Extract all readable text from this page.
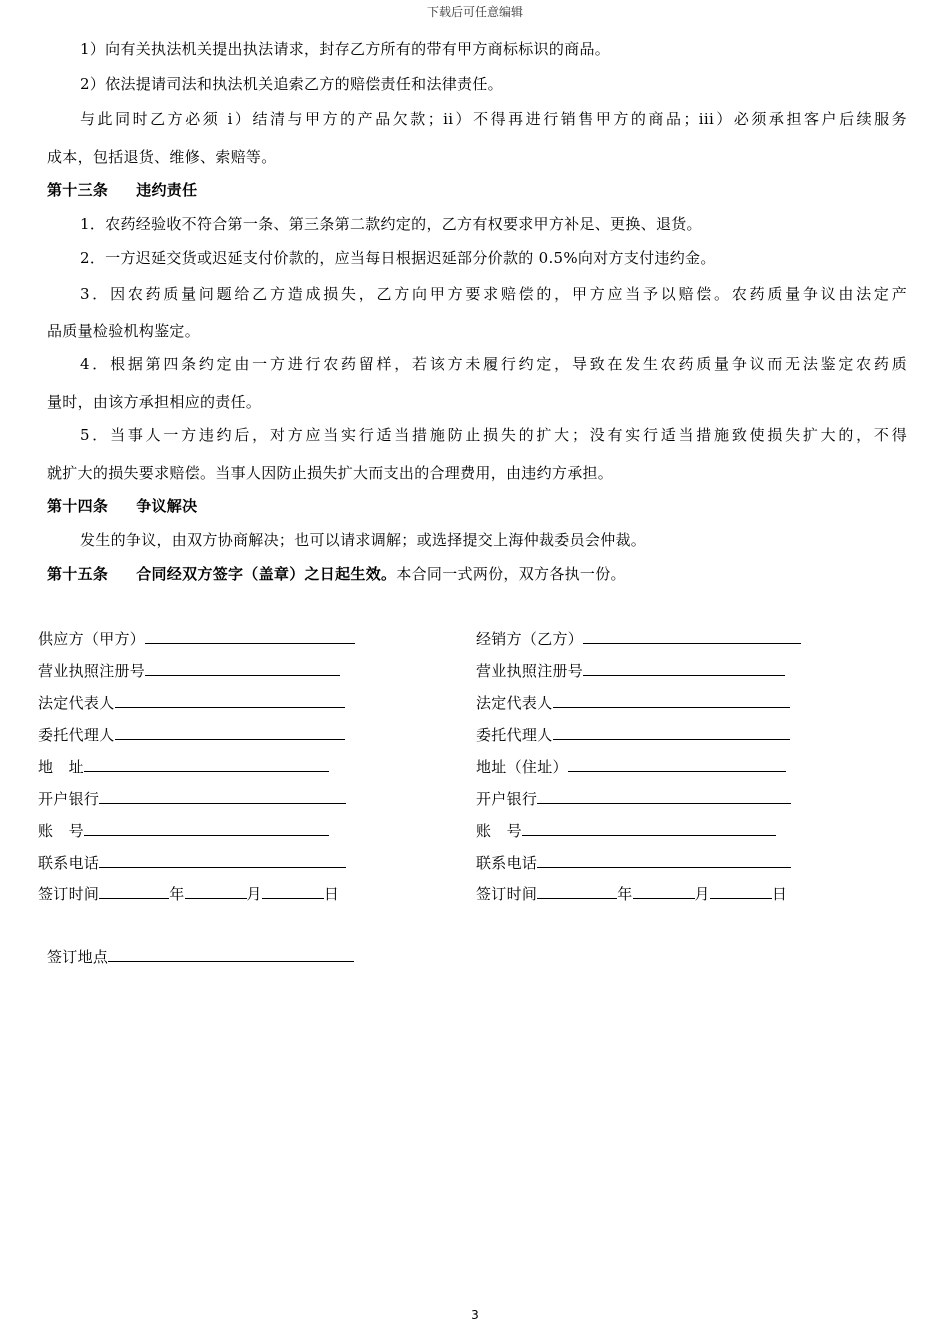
下载后可任意编辑
1）向有关执法机关提出执法请求，封存乙方所有的带有甲方商标标识的商品。
2）依法提请司法和执法机关追索乙方的赔偿责任和法律责任。
与此同时乙方必须 i）结清与甲方的产品欠款；ii）不得再进行销售甲方的商品；iii）必须承担客户后续服务
成本，包括退货、维修、索赔等。
第十三条 违约责任
1．农药经验收不符合第一条、第三条第二款约定的，乙方有权要求甲方补足、更换、退货。
2．一方迟延交货或迟延支付价款的，应当每日根据迟延部分价款的 0.5%向对方支付违约金。
3．因农药质量问题给乙方造成损失，乙方向甲方要求赔偿的，甲方应当予以赔偿。农药质量争议由法定产
品质量检验机构鉴定。
4．根据第四条约定由一方进行农药留样，若该方未履行约定，导致在发生农药质量争议而无法鉴定农药质
量时，由该方承担相应的责任。
5．当事人一方违约后，对方应当实行适当措施防止损失的扩大；没有实行适当措施致使损失扩大的，不得
就扩大的损失要求赔偿。当事人因防止损失扩大而支出的合理费用，由违约方承担。
第十四条 争议解决
发生的争议，由双方协商解决；也可以请求调解；或选择提交上海仲裁委员会仲裁。
第十五条 合同经双方签字（盖章）之日起生效。本合同一式两份，双方各执一份。
供应方（甲方）
营业执照注册号
法定代表人
委托代理人
地　址
开户银行
账　号
联系电话
签订时间	年	月	日
经销方（乙方）
营业执照注册号
法定代表人
委托代理人
地址（住址）
开户银行
账　号
联系电话
签订时间	年	月	日
签订地点
3
